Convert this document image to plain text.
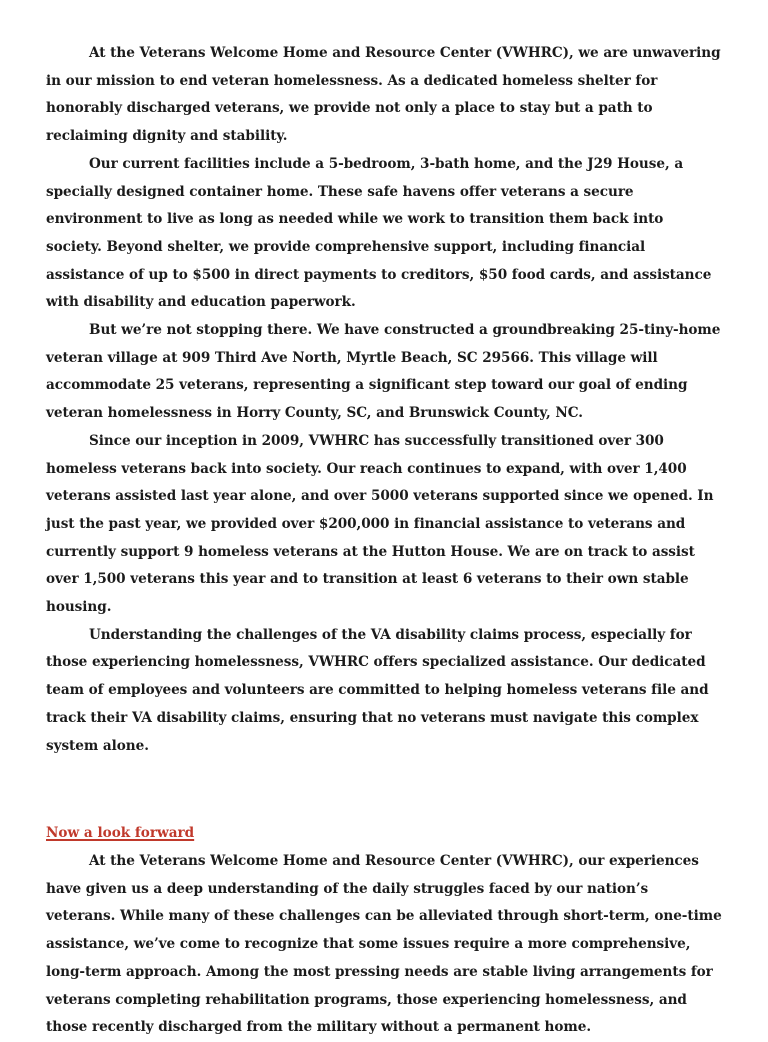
At the Veterans Welcome Home and Resource Center (VWHRC), we are unwavering in our mission to end veteran homelessness. As a dedicated homeless shelter for honorably discharged veterans, we provide not only a place to stay but a path to reclaiming dignity and stability.

Our current facilities include a 5-bedroom, 3-bath home, and the J29 House, a specially designed container home. These safe havens offer veterans a secure environment to live as long as needed while we work to transition them back into society. Beyond shelter, we provide comprehensive support, including financial assistance of up to $500 in direct payments to creditors, $50 food cards, and assistance with disability and education paperwork.

But we’re not stopping there. We have constructed a groundbreaking 25-tiny-home veteran village at 909 Third Ave North, Myrtle Beach, SC 29566. This village will accommodate 25 veterans, representing a significant step toward our goal of ending veteran homelessness in Horry County, SC, and Brunswick County, NC.

Since our inception in 2009, VWHRC has successfully transitioned over 300 homeless veterans back into society. Our reach continues to expand, with over 1,400 veterans assisted last year alone, and over 5000 veterans supported since we opened. In just the past year, we provided over $200,000 in financial assistance to veterans and currently support 9 homeless veterans at the Hutton House. We are on track to assist over 1,500 veterans this year and to transition at least 6 veterans to their own stable housing.

Understanding the challenges of the VA disability claims process, especially for those experiencing homelessness, VWHRC offers specialized assistance. Our dedicated team of employees and volunteers are committed to helping homeless veterans file and track their VA disability claims, ensuring that no veterans must navigate this complex system alone.

Now a look forward

At the Veterans Welcome Home and Resource Center (VWHRC), our experiences have given us a deep understanding of the daily struggles faced by our nation’s veterans. While many of these challenges can be alleviated through short-term, one-time assistance, we’ve come to recognize that some issues require a more comprehensive, long-term approach. Among the most pressing needs are stable living arrangements for veterans completing rehabilitation programs, those experiencing homelessness, and those recently discharged from the military without a permanent home.
